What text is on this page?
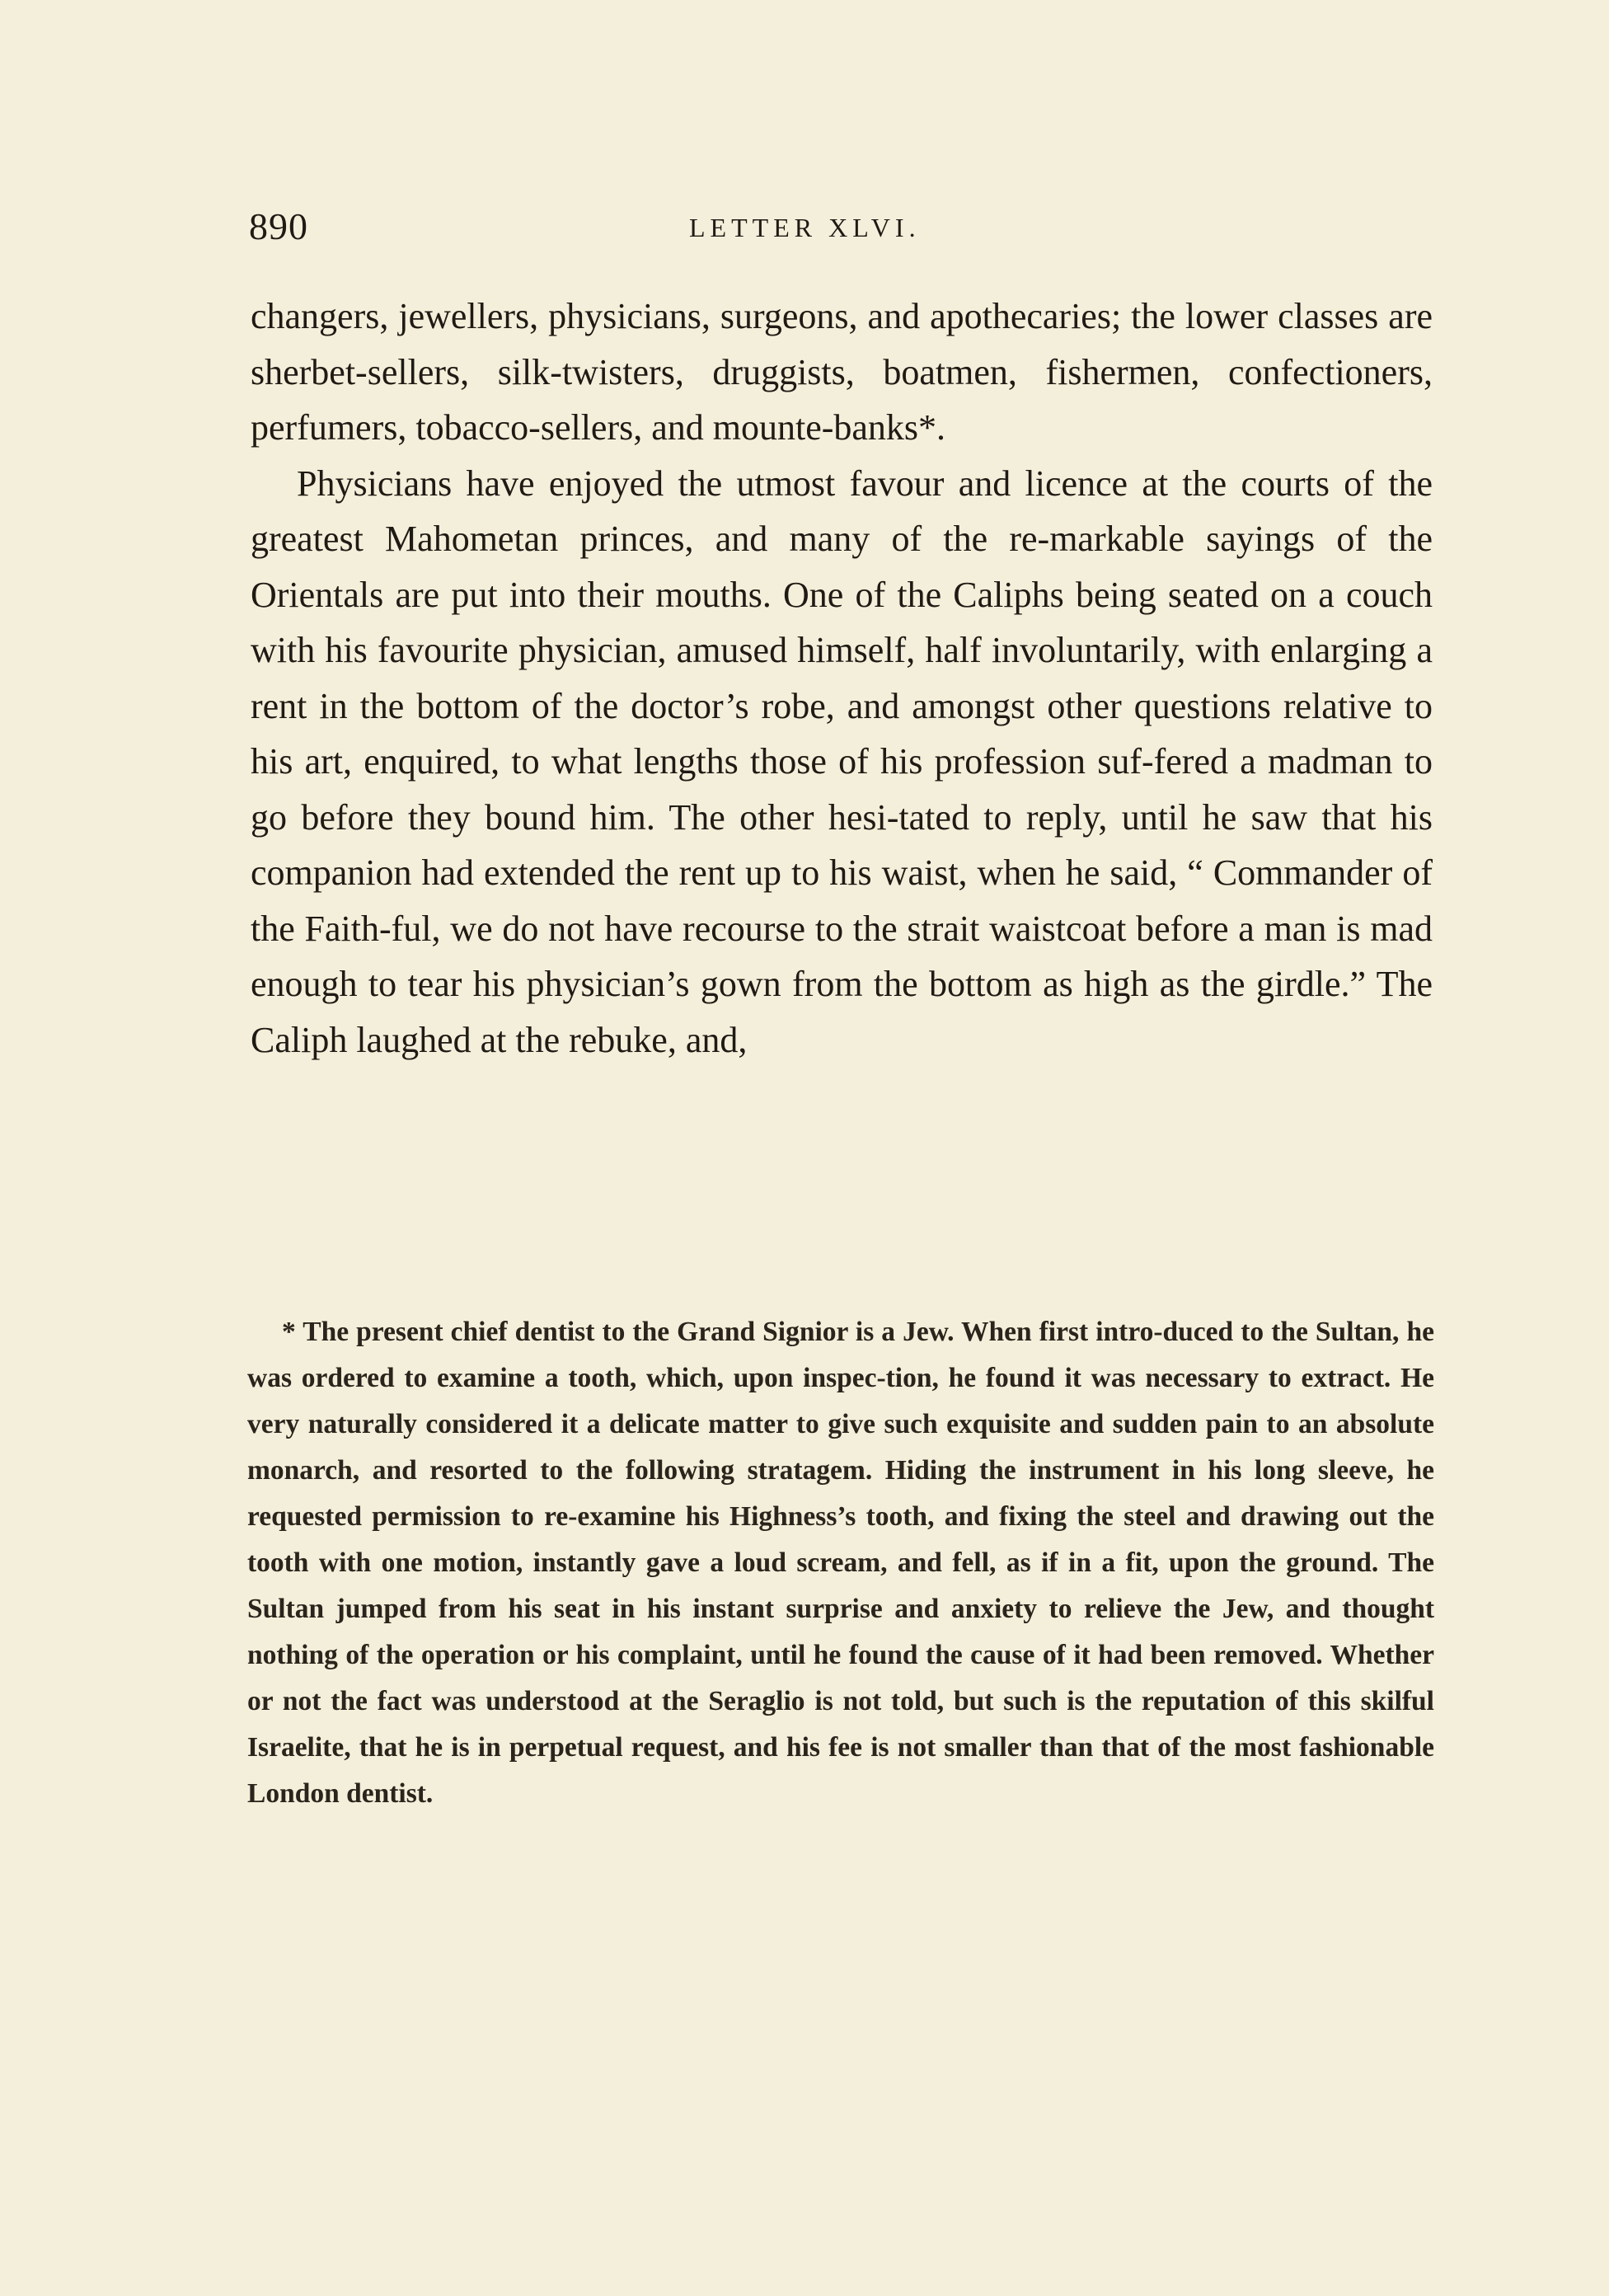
890	LETTER XLVI.

changers, jewellers, physicians, surgeons, and apothecaries; the lower classes are sherbet-sellers, silk-twisters, druggists, boatmen, fishermen, confectioners, perfumers, tobacco-sellers, and mounte-banks*.

Physicians have enjoyed the utmost favour and licence at the courts of the greatest Mahometan princes, and many of the re-markable sayings of the Orientals are put into their mouths. One of the Caliphs being seated on a couch with his favourite physician, amused himself, half involuntarily, with enlarging a rent in the bottom of the doctor’s robe, and amongst other questions relative to his art, enquired, to what lengths those of his profession suf-fered a madman to go before they bound him. The other hesi-tated to reply, until he saw that his companion had extended the rent up to his waist, when he said, “ Commander of the Faith-ful, we do not have recourse to the strait waistcoat before a man is mad enough to tear his physician’s gown from the bottom as high as the girdle.” The Caliph laughed at the rebuke, and,

* The present chief dentist to the Grand Signior is a Jew. When first intro-duced to the Sultan, he was ordered to examine a tooth, which, upon inspec-tion, he found it was necessary to extract. He very naturally considered it a delicate matter to give such exquisite and sudden pain to an absolute monarch, and resorted to the following stratagem. Hiding the instrument in his long sleeve, he requested permission to re-examine his Highness’s tooth, and fixing the steel and drawing out the tooth with one motion, instantly gave a loud scream, and fell, as if in a fit, upon the ground. The Sultan jumped from his seat in his instant surprise and anxiety to relieve the Jew, and thought nothing of the operation or his complaint, until he found the cause of it had been removed. Whether or not the fact was understood at the Seraglio is not told, but such is the reputation of this skilful Israelite, that he is in perpetual request, and his fee is not smaller than that of the most fashionable London dentist.
